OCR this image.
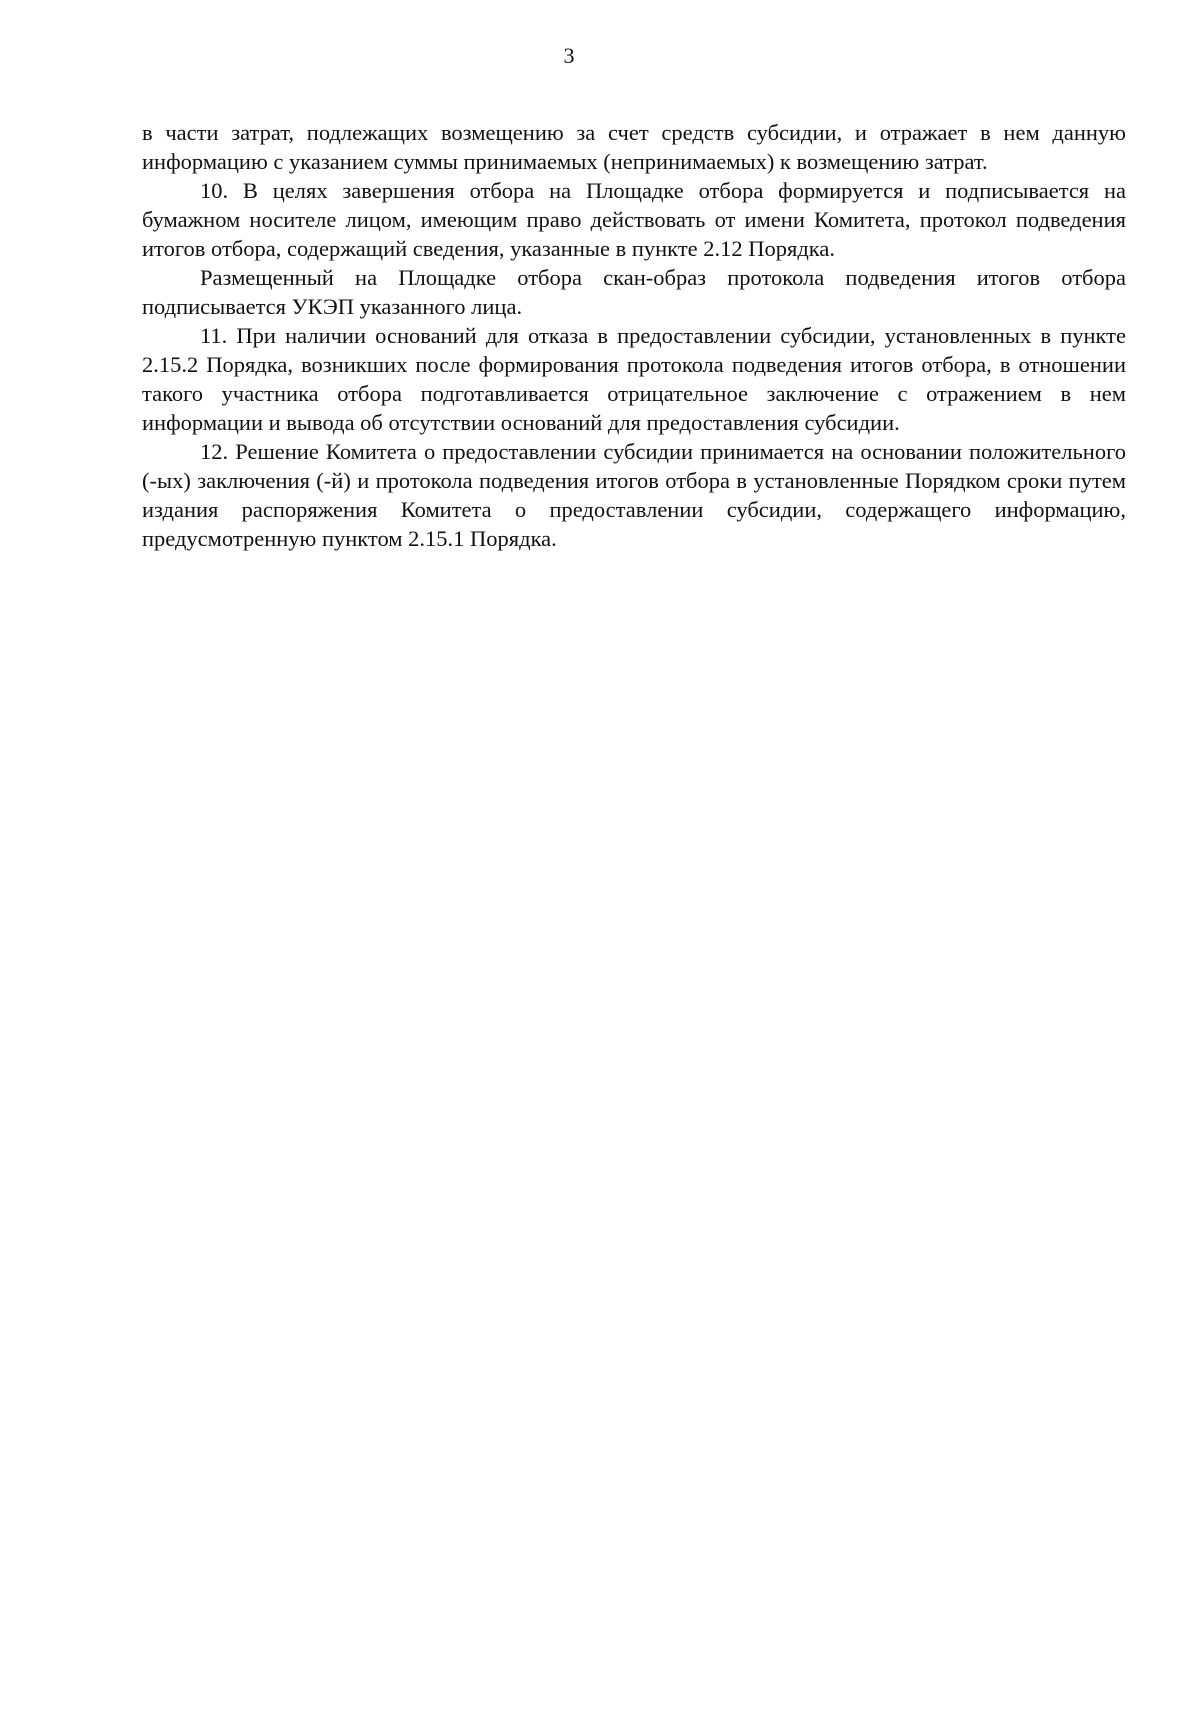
3

в части затрат, подлежащих возмещению за счет средств субсидии, и отражает в нем данную информацию с указанием суммы принимаемых (непринимаемых) к возмещению затрат.

10. В целях завершения отбора на Площадке отбора формируется и подписывается на бумажном носителе лицом, имеющим право действовать от имени Комитета, протокол подведения итогов отбора, содержащий сведения, указанные в пункте 2.12 Порядка.

Размещенный на Площадке отбора скан-образ протокола подведения итогов отбора подписывается УКЭП указанного лица.

11. При наличии оснований для отказа в предоставлении субсидии, установленных в пункте 2.15.2 Порядка, возникших после формирования протокола подведения итогов отбора, в отношении такого участника отбора подготавливается отрицательное заключение с отражением в нем информации и вывода об отсутствии оснований для предоставления субсидии.

12. Решение Комитета о предоставлении субсидии принимается на основании положительного (-ых) заключения (-й) и протокола подведения итогов отбора в установленные Порядком сроки путем издания распоряжения Комитета о предоставлении субсидии, содержащего информацию, предусмотренную пунктом 2.15.1 Порядка.
